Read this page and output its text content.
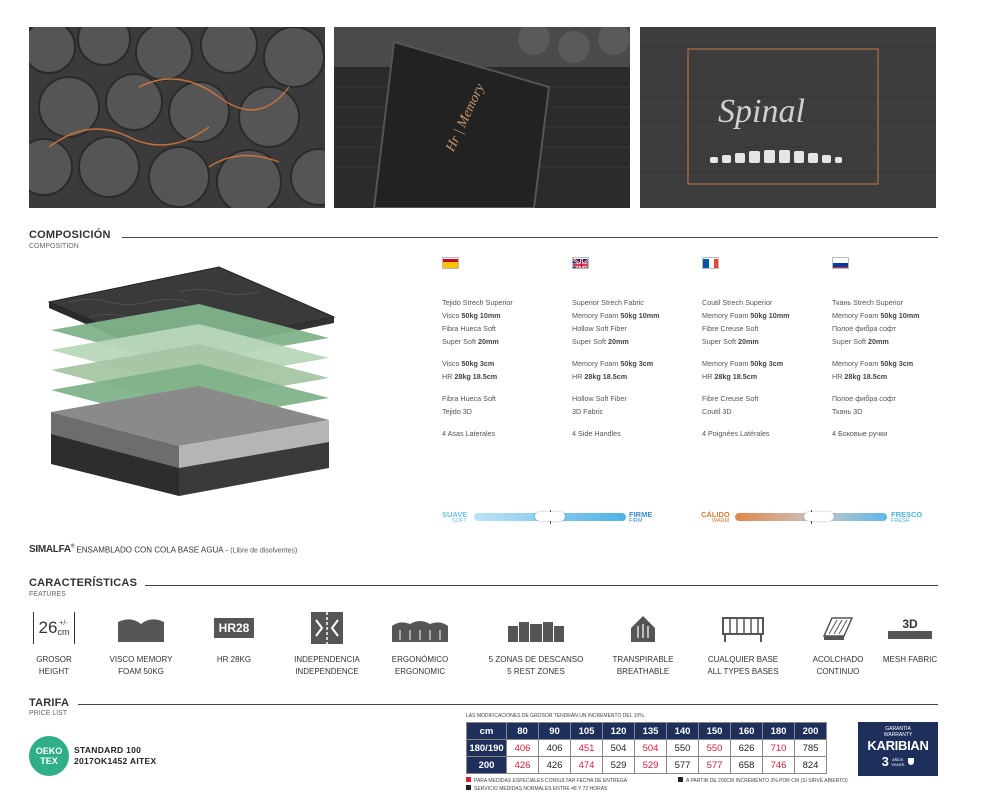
Hr | Memory	Spinal
COMPOSICIÓN
COMPOSITION
Tejido Strech Superior
Visco 50kg 10mm
Fibra Hueca Soft
Super Soft 20mm
Visco 50kg 3cm
HR 28kg 18.5cm
Fibra Hueca Soft
Tejido 3D
4 Asas Laterales
Superior Strech Fabric
Memory Foam 50kg 10mm
Hollow Soft Fiber
Super Soft 20mm
Memory Foam 50kg 3cm
HR 28kg 18.5cm
Hollow Soft Fiber
3D Fabric
4 Side Handles
Coutil Strech Superior
Memory Foam 50kg 10mm
Fibre Creuse Soft
Super Soft 20mm
Memory Foam 50kg 3cm
HR 28kg 18.5cm
Fibre Creuse Soft
Coutil 3D
4 Poignées Latérales
Ткань Strech Superior
Memory Foam 50kg 10mm
Полое фибра софт
Super Soft 20mm
Memory Foam 50kg 3cm
HR 28kg 18.5cm
Полое фибра софт
Ткань 3D
4 Боковые ручки
SUAVE
SOFT
FIRME
FIRM
CÁLIDO
WARM
FRESCO
FRESH
SIMALFA® ENSAMBLADO CON COLA BASE AGUA - (Libre de disolventes)
CARACTERÍSTICAS
FEATURES
26 +/-
cm
GROSOR
HEIGHT
VISCO MEMORY
FOAM 50KG
HR28
HR 28KG	INDEPENDENCIA
INDEPENDENCE
ERGONÓMICO
ERGONOMIC
5 ZONAS DE DESCANSO
5 REST ZONES
TRANSPIRABLE
BREATHABLE
CUALQUIER BASE
ALL TYPES BASES
ACOLCHADO
CONTINUO
3D
MESH FABRIC
TARIFA
PRICE LIST
OEKO
TEX
STANDARD 100
2017OK1452 AITEX
LAS MODIFICACIONES DE GROSOR TENDRÁN UN INCREMENTO DEL 10%.
cm	80	90	105	120	135	140	150	160	180	200
180/190	406	406	451	504	504	550	550	626	710	785
200	426	426	474	529	529	577	577	658	746	824
PARA MEDIDAS ESPECIALES CONSULTAR FECHA DE ENTREGA
SERVICIO MEDIDAS NORMALES ENTRE 48 Y 72 HORAS
A PARTIR DE 200CM INCREMENTO 3% POR CM (SI SIRVE ABIERTO)
GARANTÍA
WARRANTY
KARIBIAN
3 AÑOS
YEARS
